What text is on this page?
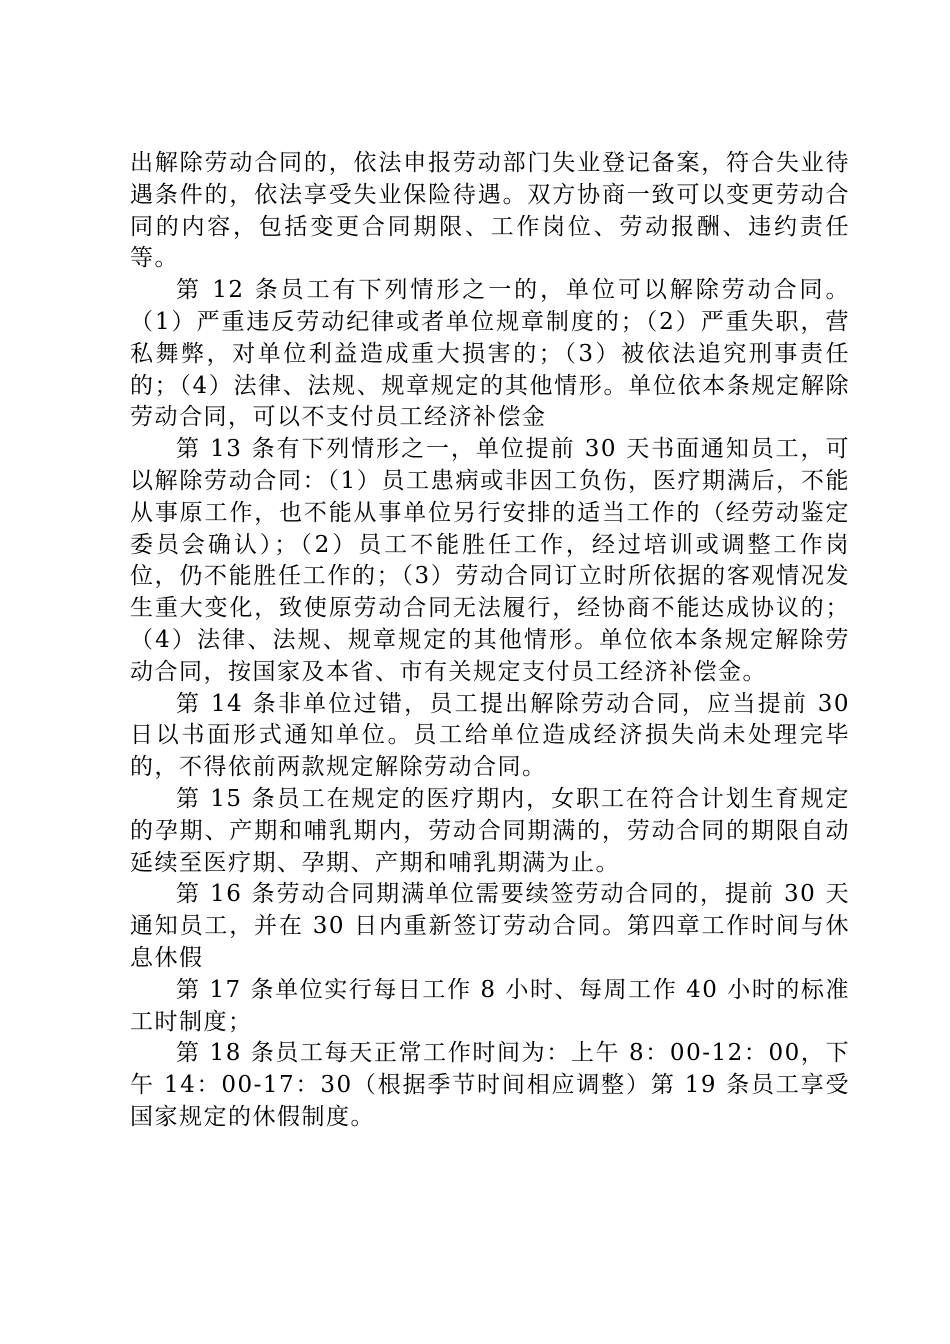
出解除劳动合同的，依法申报劳动部门失业登记备案，符合失业待遇条件的，依法享受失业保险待遇。双方协商一致可以变更劳动合同的内容，包括变更合同期限、工作岗位、劳动报酬、违约责任等。

第 12 条员工有下列情形之一的，单位可以解除劳动合同。（1）严重违反劳动纪律或者单位规章制度的；（2）严重失职，营私舞弊，对单位利益造成重大损害的；（3）被依法追究刑事责任的；（4）法律、法规、规章规定的其他情形。单位依本条规定解除劳动合同，可以不支付员工经济补偿金

第 13 条有下列情形之一，单位提前 30 天书面通知员工，可以解除劳动合同：（1）员工患病或非因工负伤，医疗期满后，不能从事原工作，也不能从事单位另行安排的适当工作的（经劳动鉴定委员会确认）；（2）员工不能胜任工作，经过培训或调整工作岗位，仍不能胜任工作的；（3）劳动合同订立时所依据的客观情况发生重大变化，致使原劳动合同无法履行，经协商不能达成协议的；（4）法律、法规、规章规定的其他情形。单位依本条规定解除劳动合同，按国家及本省、市有关规定支付员工经济补偿金。

第 14 条非单位过错，员工提出解除劳动合同，应当提前 30 日以书面形式通知单位。员工给单位造成经济损失尚未处理完毕的，不得依前两款规定解除劳动合同。

第 15 条员工在规定的医疗期内，女职工在符合计划生育规定的孕期、产期和哺乳期内，劳动合同期满的，劳动合同的期限自动延续至医疗期、孕期、产期和哺乳期满为止。

第 16 条劳动合同期满单位需要续签劳动合同的，提前 30 天通知员工，并在 30 日内重新签订劳动合同。第四章工作时间与休息休假

第 17 条单位实行每日工作 8 小时、每周工作 40 小时的标准工时制度；

第 18 条员工每天正常工作时间为：上午 8：00-12：00，下午 14：00-17：30（根据季节时间相应调整）第 19 条员工享受国家规定的休假制度。
